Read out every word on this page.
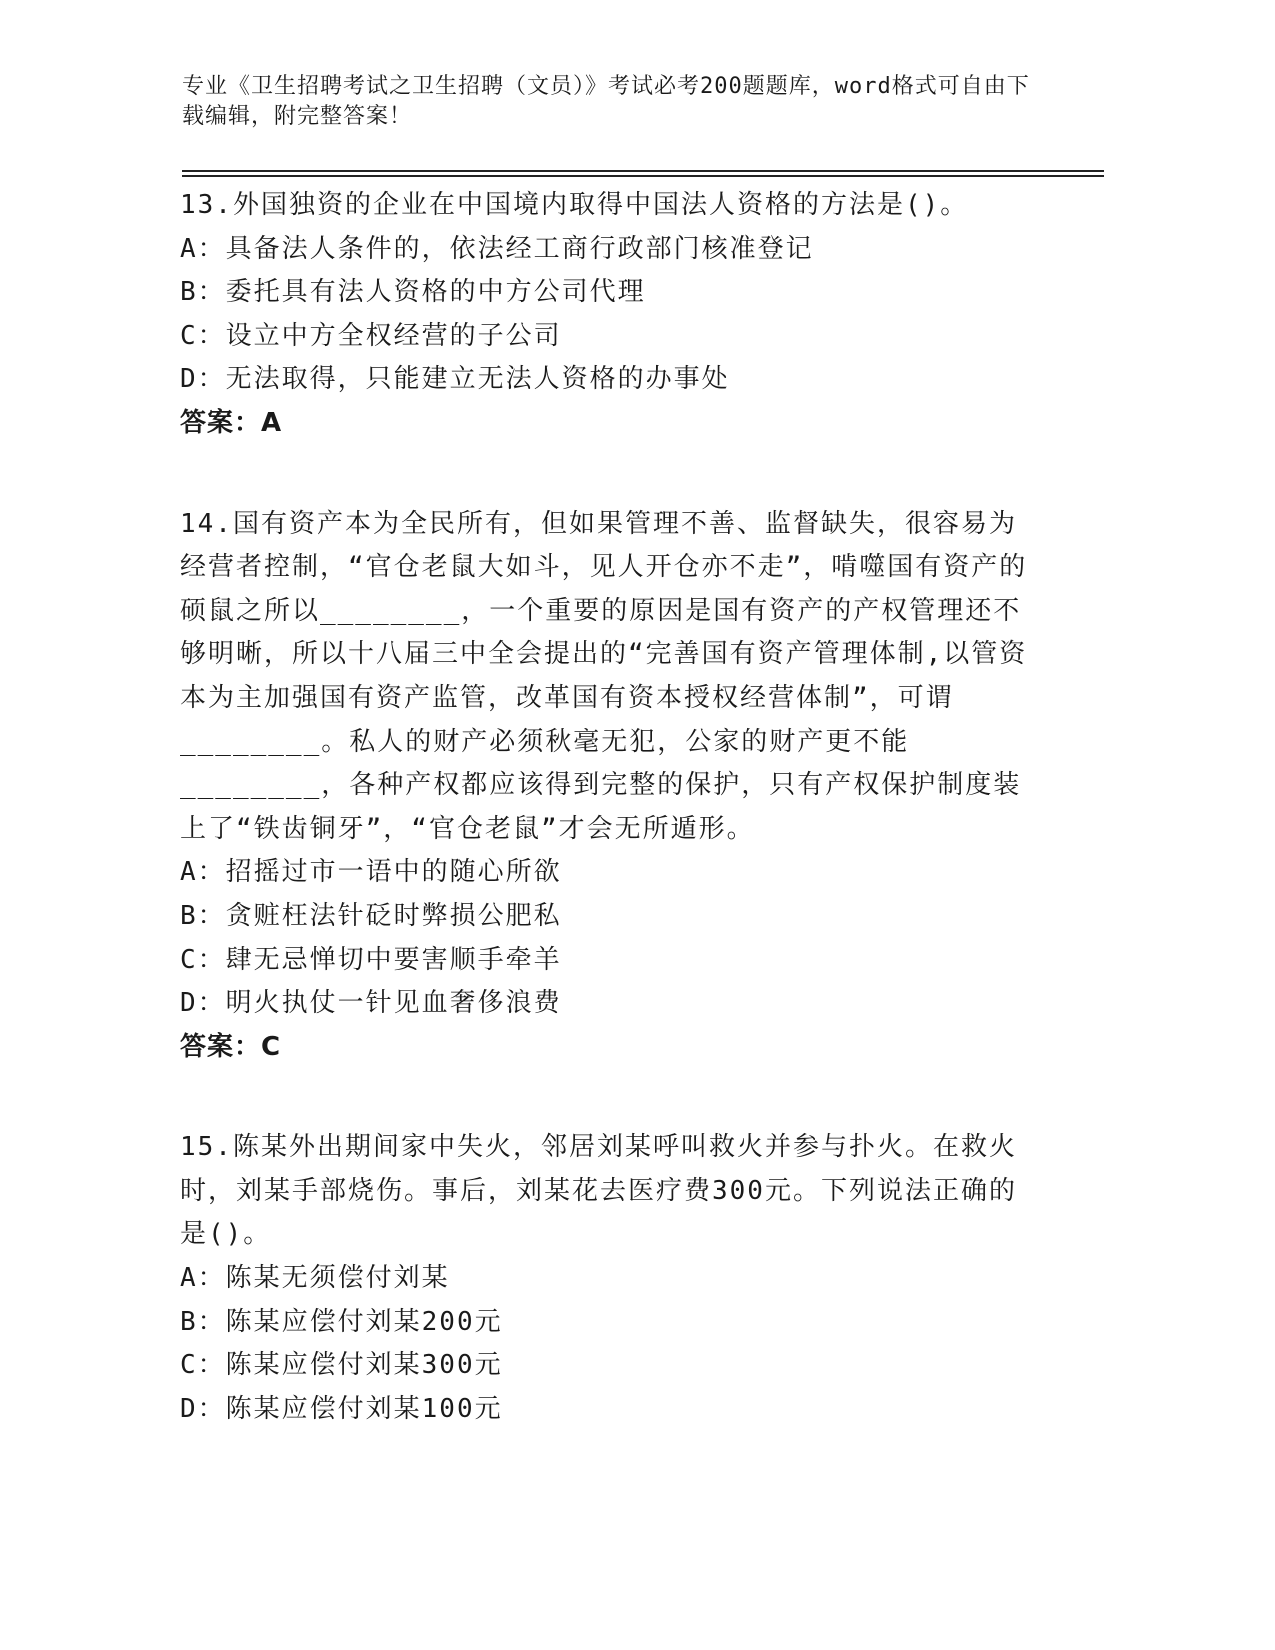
专业《卫生招聘考试之卫生招聘（文员）》考试必考200题题库，word格式可自由下载编辑，附完整答案！
13.外国独资的企业在中国境内取得中国法人资格的方法是()。
A：具备法人条件的，依法经工商行政部门核准登记
B：委托具有法人资格的中方公司代理
C：设立中方全权经营的子公司
D：无法取得，只能建立无法人资格的办事处
答案：A
14.国有资产本为全民所有，但如果管理不善、监督缺失，很容易为经营者控制，“官仓老鼠大如斗，见人开仓亦不走”，啃噬国有资产的硕鼠之所以________，一个重要的原因是国有资产的产权管理还不够明晰，所以十八届三中全会提出的“完善国有资产管理体制,以管资本为主加强国有资产监管，改革国有资本授权经营体制”，可谓________。私人的财产必须秋毫无犯，公家的财产更不能________，各种产权都应该得到完整的保护，只有产权保护制度装上了“铁齿铜牙”，“官仓老鼠”才会无所遁形。
A：招摇过市一语中的随心所欲
B：贪赃枉法针砭时弊损公肥私
C：肆无忌惮切中要害顺手牵羊
D：明火执仗一针见血奢侈浪费
答案：C
15.陈某外出期间家中失火，邻居刘某呼叫救火并参与扑火。在救火时，刘某手部烧伤。事后，刘某花去医疗费300元。下列说法正确的是()。
A：陈某无须偿付刘某
B：陈某应偿付刘某200元
C：陈某应偿付刘某300元
D：陈某应偿付刘某100元
